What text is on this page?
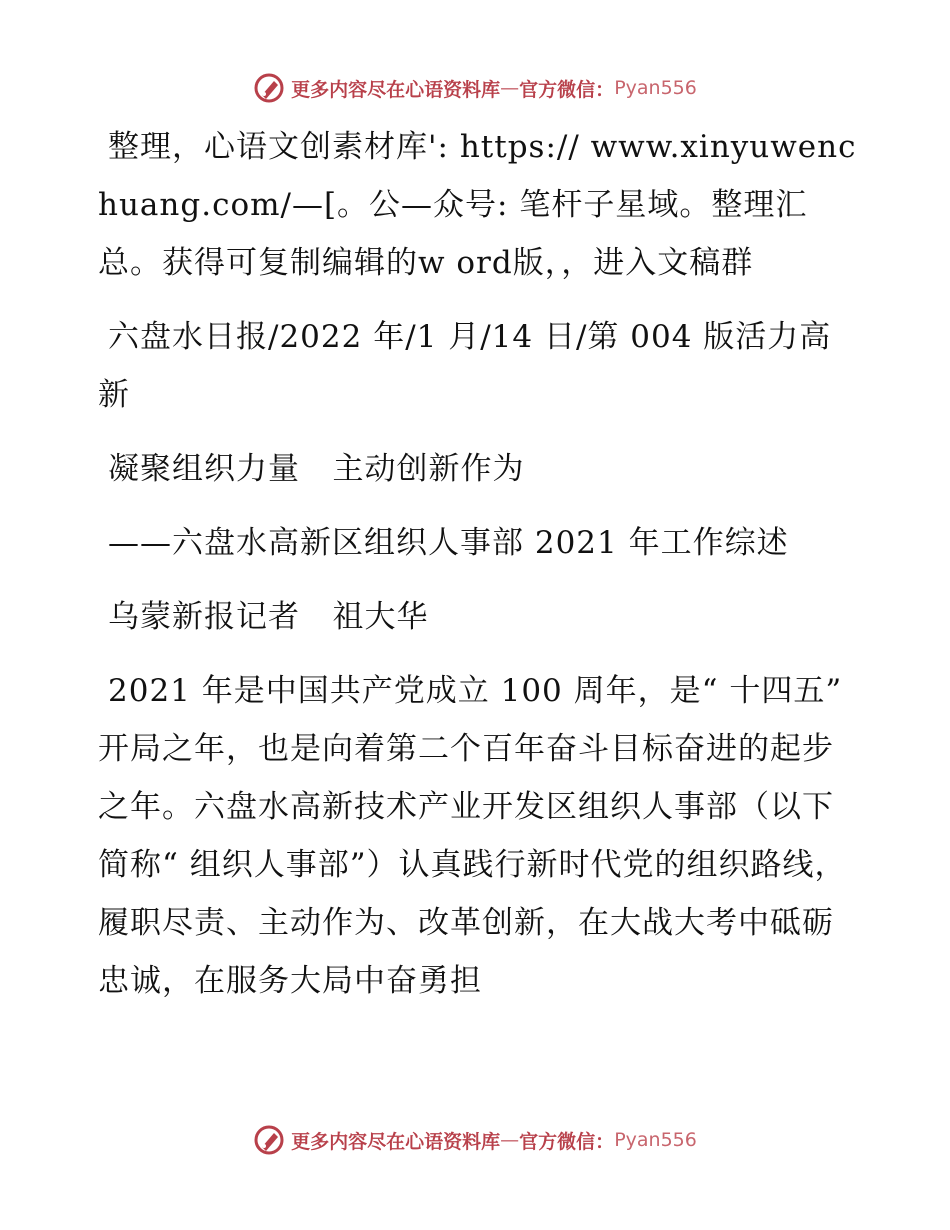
更多内容尽在心语资料库 — 官方微信： Pyan556

整理，心语文创素材库': https:// www.xinyuwenchuang.com/—[。公—众号: 笔杆子星域。整理汇总。获得可复制编辑的w ord版，，进入文稿群

六盘水日报/2022 年/1 月/14 日/第 004 版活力高新

凝聚组织力量   主动创新作为

——六盘水高新区组织人事部 2021 年工作综述

乌蒙新报记者   祖大华

2021 年是中国共产党成立 100 周年，是“ 十四五”  开局之年，也是向着第二个百年奋斗目标奋进的起步之年。六盘水高新技术产业开发区组织人事部（以下简称“ 组织人事部”）认真践行新时代党的组织路线，履职尽责、主动作为、改革创新，在大战大考中砥砺忠诚，在服务大局中奋勇担

更多内容尽在心语资料库 — 官方微信： Pyan556
